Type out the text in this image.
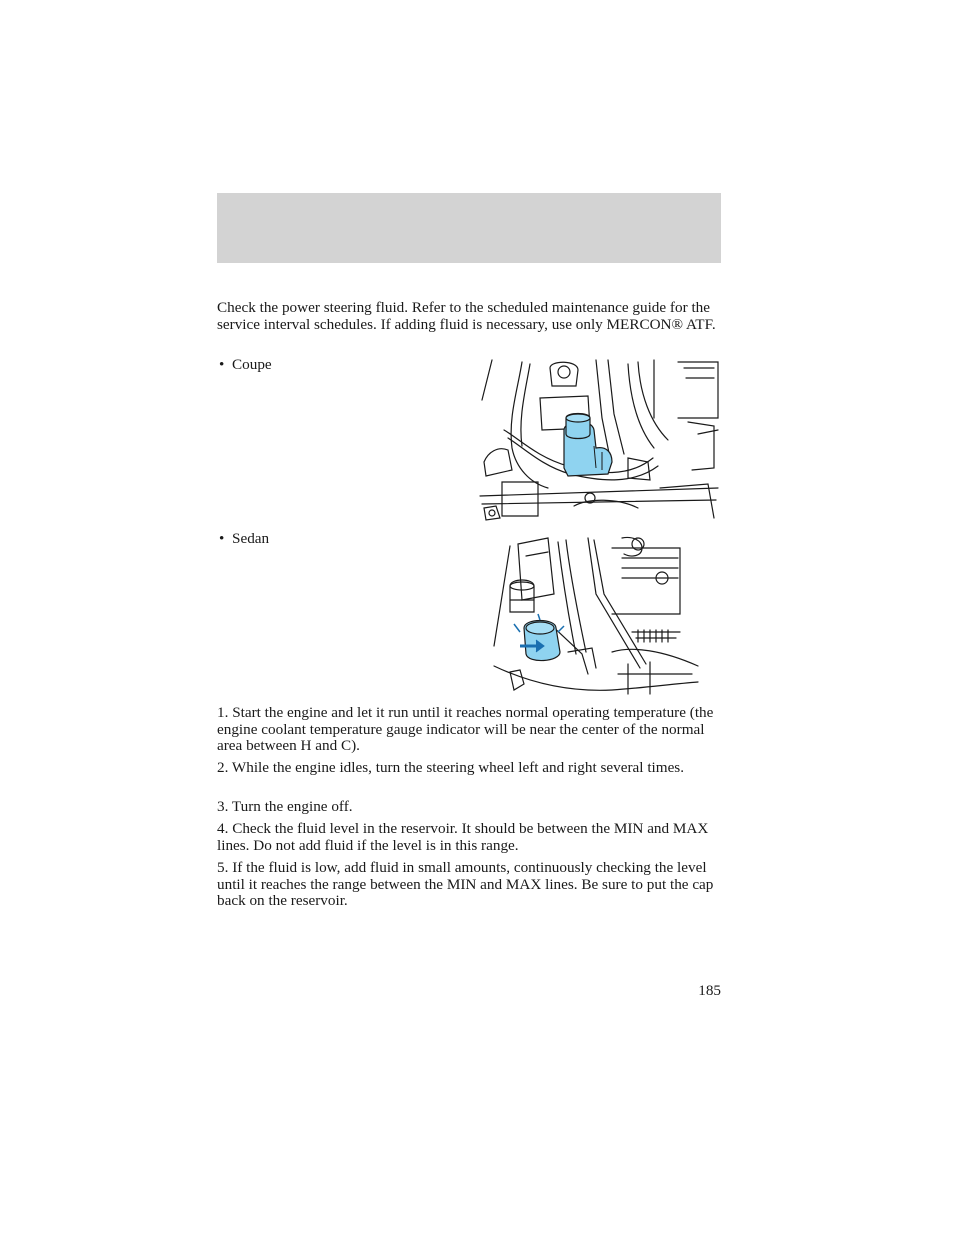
Check the power steering fluid. Refer to the scheduled maintenance guide for the service interval schedules. If adding fluid is necessary, use only MERCON® ATF.

• Coupe
• Sedan

1. Start the engine and let it run until it reaches normal operating temperature (the engine coolant temperature gauge indicator will be near the center of the normal area between H and C).

2. While the engine idles, turn the steering wheel left and right several times.

3. Turn the engine off.

4. Check the fluid level in the reservoir. It should be between the MIN and MAX lines. Do not add fluid if the level is in this range.

5. If the fluid is low, add fluid in small amounts, continuously checking the level until it reaches the range between the MIN and MAX lines. Be sure to put the cap back on the reservoir.

185
